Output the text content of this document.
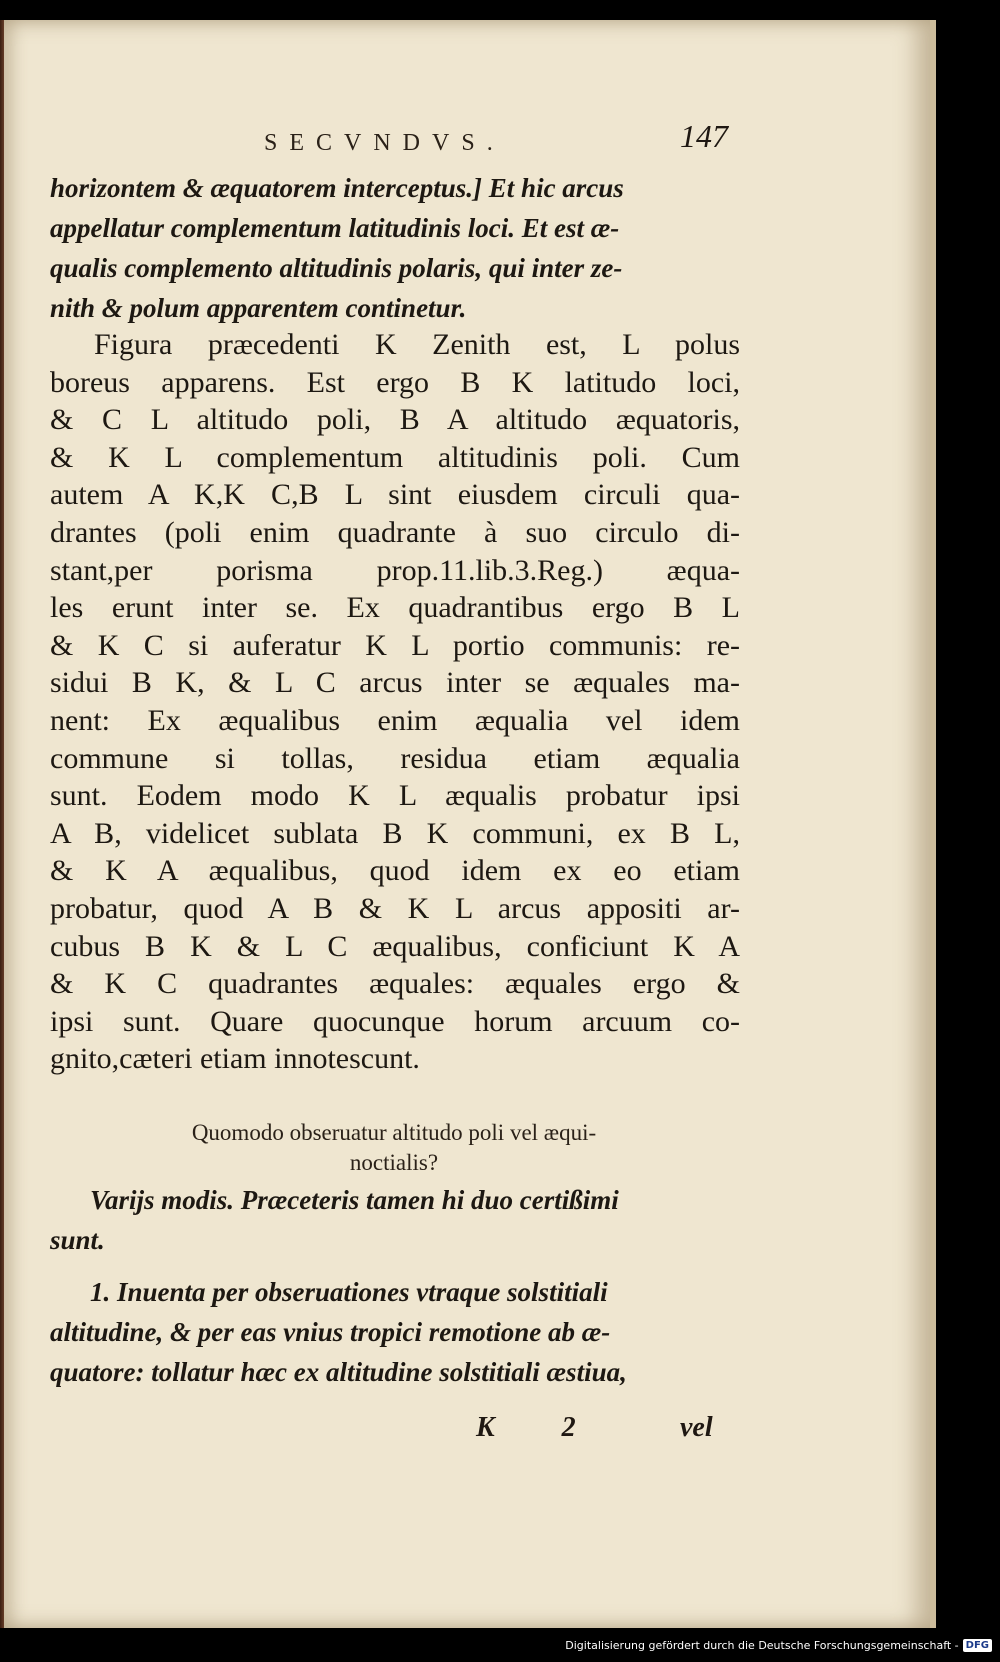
SECVNDVS.	147
horizontem & æquatorem interceptus.] Et hic arcus
appellatur complementum latitudinis loci. Et est æ-
qualis complemento altitudinis polaris, qui inter ze-
nith & polum apparentem continetur.
Figura præcedenti K Zenith est, L polus
boreus apparens. Est ergo B K latitudo loci,
& C L altitudo poli, B A altitudo æquatoris,
& K L complementum altitudinis poli. Cum
autem A K,K C,B L sint eiusdem circuli qua-
drantes (poli enim quadrante à suo circulo di-
stant,per porisma prop.11.lib.3.Reg.) æqua-
les erunt inter se. Ex quadrantibus ergo B L
& K C si auferatur K L portio communis: re-
sidui B K, & L C arcus inter se æquales ma-
nent: Ex æqualibus enim æqualia vel idem
commune si tollas, residua etiam æqualia
sunt. Eodem modo K L æqualis probatur ipsi
A B, videlicet sublata B K communi, ex B L,
& K A æqualibus, quod idem ex eo etiam
probatur, quod A B & K L arcus appositi ar-
cubus B K & L C æqualibus, conficiunt K A
& K C quadrantes æquales: æquales ergo &
ipsi sunt. Quare quocunque horum arcuum co-
gnito,cæteri etiam innotescunt.
Quomodo obseruatur altitudo poli vel æqui-
noctialis?
Varijs modis. Præceteris tamen hi duo certißimi
sunt.
1. Inuenta per obseruationes vtraque solstitiali
altitudine, & per eas vnius tropici remotione ab æ-
quatore: tollatur hæc ex altitudine solstitiali æstiua,
K 2	vel
Digitalisierung gefördert durch die Deutsche Forschungsgemeinschaft - DFG
